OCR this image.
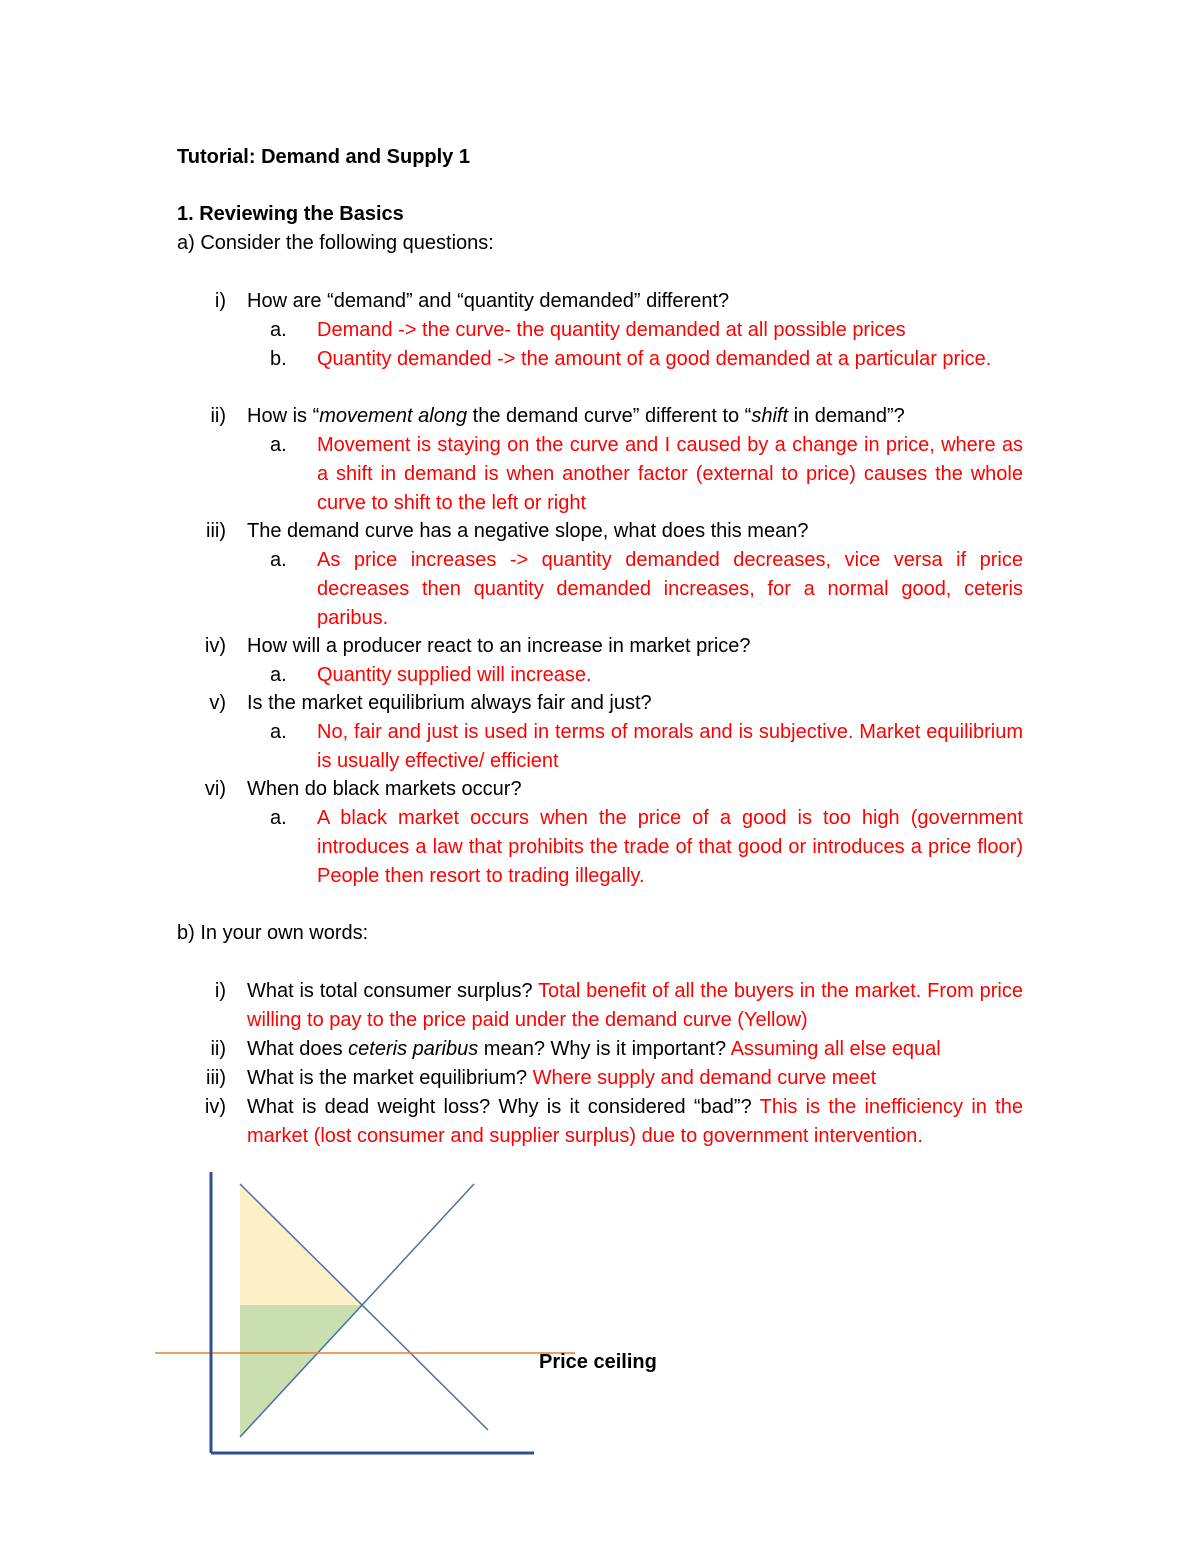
Tutorial: Demand and Supply 1
1. Reviewing the Basics
a) Consider the following questions:
i) How are “demand” and “quantity demanded” different?
a.	Demand -> the curve- the quantity demanded at all possible prices
b.	Quantity demanded -> the amount of a good demanded at a particular price.
ii) How is “movement along the demand curve” different to “shift in demand”?
a.	Movement is staying on the curve and I caused by a change in price, where as a shift in demand is when another factor (external to price) causes the whole curve to shift to the left or right
iii) The demand curve has a negative slope, what does this mean?
a.	As price increases -> quantity demanded decreases, vice versa if price decreases then quantity demanded increases, for a normal good, ceteris paribus.
iv) How will a producer react to an increase in market price?
a.	Quantity supplied will increase.
v) Is the market equilibrium always fair and just?
a.	No, fair and just is used in terms of morals and is subjective. Market equilibrium is usually effective/ efficient
vi) When do black markets occur?
a.	A black market occurs when the price of a good is too high (government introduces a law that prohibits the trade of that good or introduces a price floor) People then resort to trading illegally.
b) In your own words:
i) What is total consumer surplus? Total benefit of all the buyers in the market. From price willing to pay to the price paid under the demand curve (Yellow)
ii) What does ceteris paribus mean? Why is it important? Assuming all else equal
iii) What is the market equilibrium? Where supply and demand curve meet
iv) What is dead weight loss? Why is it considered “bad”? This is the inefficiency in the market (lost consumer and supplier surplus) due to government intervention.
Price ceiling
